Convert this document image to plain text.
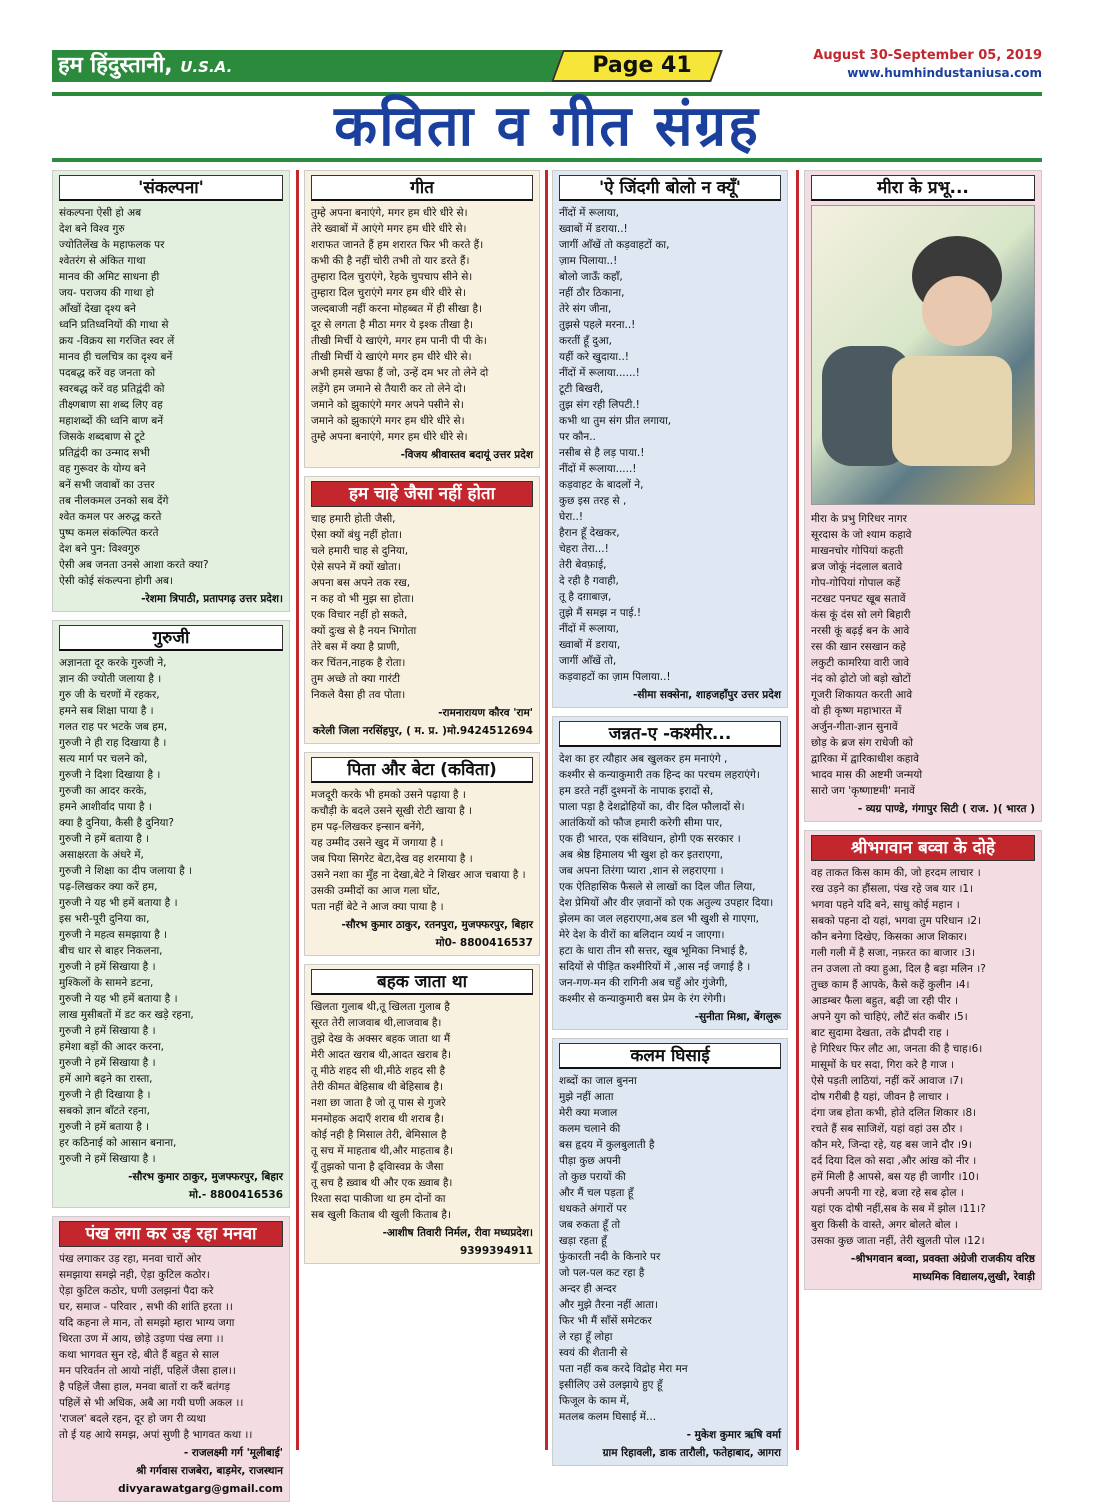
हम हिंदुस्तानी, U.S.A.	Page 41	August 30-September 05, 2019
www.humhindustaniusa.com
कविता व गीत संग्रह
'संकल्पना'
संकल्पना ऐसी हो अब
देश बने विश्व गुरु
ज्योतिलेंख के महाफलक पर
श्वेतरंग से अंकित गाथा
मानव की अमिट साधना ही
जय- पराजय की गाथा हो
आँखों देखा दृश्य बने
ध्वनि प्रतिध्वनियों की गाथा से
क्रय -विक्रय सा गरजित स्वर लें
मानव ही चलचित्र का दृश्य बनें
पदबद्ध करें वह जनता को
स्वरबद्ध करें वह प्रतिद्वंदी को
तीक्ष्णबाण सा शब्द लिए वह
महाशब्दों की ध्वनि बाण बनें
जिसके शब्दबाण से टूटे
प्रतिद्वंदी का उन्माद सभी
वह गुरूवर के योग्य बने
बनें सभी जवाबों का उत्तर
तब नीलकमल उनको सब देंगे
श्वेत कमल पर अरुद्ध करते
पुष्प कमल संकल्पित करते
देश बने पुन: विश्वगुरु
ऐसी अब जनता उनसे आशा करते क्या?
ऐसी कोई संकल्पना होगी अब।
-रेशमा त्रिपाठी, प्रतापगढ़ उत्तर प्रदेश।
गुरुजी
अज्ञानता दूर करके गुरुजी ने,
ज्ञान की ज्योती जलाया है ।
गुरु जी के चरणों में रहकर,
हमने सब शिक्षा पाया है ।
गलत राह पर भटके जब हम,
गुरुजी ने ही राह दिखाया है ।
सत्य मार्ग पर चलने को,
गुरुजी ने दिशा दिखाया है ।
गुरुजी का आदर करके,
हमने आशीर्वाद पाया है ।
क्या है दुनिया, कैसी है दुनिया?
गुरुजी ने हमें बताया है ।
असाक्षरता के अंधरे में,
गुरुजी ने शिक्षा का दीप जलाया है ।
पढ़-लिखकर क्या करें हम,
गुरुजी ने यह भी हमें बताया है ।
इस भरी-पूरी दुनिया का,
गुरुजी ने महत्व समझाया है ।
बीच धार से बाहर निकलना,
गुरुजी ने हमें सिखाया है ।
मुश्किलों के सामने डटना,
गुरुजी ने यह भी हमें बताया है ।
लाख मुसीबतों में डट कर खड़े रहना,
गुरुजी ने हमें सिखाया है ।
हमेशा बड़ों की आदर करना,
गुरुजी ने हमें सिखाया है ।
हमें आगे बढ़ने का रास्ता,
गुरुजी ने ही दिखाया है ।
सबको ज्ञान बाँटते रहना,
गुरुजी ने हमें बताया है ।
हर कठिनाई को आसान बनाना,
गुरुजी ने हमें सिखाया है ।
-सौरभ कुमार ठाकुर, मुजफ्फरपुर, बिहार
मो.- 8800416536
पंख लगा कर उड़ रहा मनवा
पंख लगाकर उड़ रहा, मनवा चारों ओर
समझाया समझे नही, ऐड़ा कुटिल कठोर।
ऐड़ा कुटिल कठोर, घणी उलझनां पैदा करे
घर, समाज - परिवार , सभी की शांति हरता ।।
यदि कहना ले मान, तो समझो म्हारा भाग्य जगा
थिरता उण में आय, छोड़े उड़णा पंख लगा ।।
कथा भागवत सुन रहे, बीते हैं बहुत से साल
मन परिवर्तन तो आयो नांहीं, पहिलें जैसा हाल।।
है पहिलें जैसा हाल, मनवा बातों रा करैं बतंगड़
पहिलें से भी अधिक, अबै आ गयी घणी अकल ।।
'राजल' बदले रहन, दूर हो जग री व्यथा
तो ई यह आये समझ, अपां सुणी है भागवत कथा ।।
- राजलक्ष्मी गर्ग 'मूलीबाई'
श्री गर्गवास राजबेरा, बाड़मेर, राजस्थान
divyarawatgarg@gmail.com
गीत
तुम्हे अपना बनाएंगे, मगर हम धीरे धीरे से।
तेरे ख्वाबों में आएंगे मगर हम धीरे धीरे से।
शराफत जानते हैं हम शरारत फिर भी करते हैं।
कभी की है नहीं चोरी तभी तो यार डरते हैं।
तुम्हारा दिल चुराएंगे, रेहके चुपचाप सीने से।
तुम्हारा दिल चुराएंगे मगर हम धीरे धीरे से।
जल्दबाजी नहीं करना मोहब्बत में ही सीखा है।
दूर से लगता है मीठा मगर ये इश्क तीखा है।
तीखी मिर्ची ये खाएंगे, मगर हम पानी पी पी के।
तीखी मिर्ची ये खाएंगे मगर हम धीरे धीरे से।
अभी हमसे खफा हैं जो, उन्हें दम भर तो लेने दो
लड़ेंगे हम जमाने से तैयारी कर तो लेने दो।
जमाने को झुकाएंगे मगर अपने पसीने से।
जमाने को झुकाएंगे मगर हम धीरे धीरे से।
तुम्हे अपना बनाएंगे, मगर हम धीरे धीरे से।
-विजय श्रीवास्तव बदायूं उत्तर प्रदेश
हम चाहे जैसा नहीं होता
चाह हमारी होती जैसी,
ऐसा क्यों बंधु नहीं होता।
चले हमारी चाह से दुनिया,
ऐसे सपने में क्यों खोता।
अपना बस अपने तक रख,
न कह वो भी मुझ सा होता।
एक विचार नहीं हो सकते,
क्यों दुःख से है नयन भिगोता
तेरे बस में क्या है प्राणी,
कर चिंतन,नाहक है रोता।
तुम अच्छे तो क्या गारंटी
निकले वैसा ही तव पोता।
-रामनारायण कौरव 'राम'
करेली जिला नरसिंहपुर, ( म. प्र. )मो.9424512694
पिता और बेटा (कविता)
मजदूरी करके भी हमको उसने पढ़ाया है ।
कचौड़ी के बदले उसने सूखी रोटी खाया है ।
हम पढ़-लिखकर इन्सान बनेंगे,
यह उम्मीद उसने खुद में जगाया है ।
जब पिया सिगरेट बेटा,देख वह शरमाया है ।
उसने नशा का मुँह ना देखा,बेटे ने शिखर आज चबाया है ।
उसकी उम्मीदों का आज गला घोंट,
पता नहीं बेटे ने आज क्या पाया है ।
-सौरभ कुमार ठाकुर, रतनपुरा, मुजफ्फरपुर, बिहार
मो0- 8800416537
बहक जाता था
खिलता गुलाब थी,तू खिलता गुलाब है
सूरत तेरी लाजवाब थी,लाजवाब है।
तुझे देख के अक्सर बहक जाता था मैं
मेरी आदत खराब थी,आदत खराब है।
तू मीठे शहद सी थी,मीठे शहद सी है
तेरी कीमत बेहिसाब थी बेहिसाब है।
नशा छा जाता है जो तू पास से गुजरे
मनमोहक अदाएँ शराब थी शराब है।
कोई नही है मिसाल तेरी, बेमिसाल है
तू सच में माहताब थी,और माहताब है।
यूँ तुझको पाना है ढ्विास्वप्न के जैसा
तू सच है ख़्वाब थी और एक ख़्वाब है।
रिश्ता सदा पाकीजा था हम दोनों का
सब खुली किताब थी खुली किताब है।
-आशीष तिवारी निर्मल, रीवा मध्यप्रदेश।
9399394911
'ऐ जिंदगी बोलो न क्यूँ'
नींदों में रूलाया,
ख्वाबों में डराया..!
जागीं आँखें तो कड़वाहटों का,
ज़ाम पिलाया..!
बोलो जाऊँ कहाँ,
नहीं ठौर ठिकाना,
तेरे संग जीना,
तुझसे पहले मरना..!
करतीं हूँ दुआ,
यहीं करे खुदाया..!
नींदों में रूलाया......!
टूटी बिखरी,
तुझ संग रही लिपटी.!
कभी था तुम संग प्रीत लगाया,
पर कौन..
नसीब से है लड़ पाया.!
नींदों में रूलाया.....!
कड़वाहट के बादलों ने,
कुछ इस तरह से ,
घेरा..!
हैरान हूँ देखकर,
चेहरा तेरा...!
तेरी बेवफ़ाई,
दे रही है गवाही,
तू है दग़ाबाज़,
तुझे मैं समझ न पाई.!
नींदों में रूलाया,
ख्वाबों में डराया,
जागीं आँखें तो,
कड़वाहटों का ज़ाम पिलाया..!
-सीमा सक्सेना, शाहजहाँपुर उत्तर प्रदेश
जन्नत-ए -कश्मीर...
देश का हर त्यौहार अब खुलकर हम मनाएंगे ,
कश्मीर से कन्याकुमारी तक हिन्द का परचम लहराएंगे।
हम डरते नहीं दुश्मनों के नापाक इरादों से,
पाला पड़ा है देशद्रोहियों का, वीर दिल फौलादों से।
आतंकियों को फौज हमारी करेगी सीमा पार,
एक ही भारत, एक संविधान, होगी एक सरकार ।
अब श्रेष्ठ हिमालय भी खुश हो कर इतराएगा,
जब अपना तिरंगा प्यारा ,शान से लहराएगा ।
एक ऐतिहासिक फैसले से लाखों का दिल जीत लिया,
देश प्रेमियों और वीर ज़वानों को एक अतुल्य उपहार दिया।
झेलम का जल लहराएगा,अब डल भी खुशी से गाएगा,
मेरे देश के वीरों का बलिदान व्यर्थ न जाएगा।
हटा के धारा तीन सौ सत्तर, खूब भूमिका निभाई है,
सदियों से पीड़ित कश्मीरियों में ,आस नई जगाई है ।
जन-गण-मन की रागिनी अब चहुँ ओर गुंजेगी,
कश्मीर से कन्याकुमारी बस प्रेम के रंग रंगेगी।
-सुनीता मिश्रा, बेंगलुरू
कलम घिसाई
शब्दों का जाल बुनना
मुझे नहीं आता
मेरी क्या मजाल
कलम चलाने की
बस हृदय में कुलबुलाती है
पीड़ा कुछ अपनी
तो कुछ परायों की
और मैं चल पड़ता हूँ
धधकते अंगारों पर
जब रुकता हूँ तो
खड़ा रहता हूँ
फुंकारती नदी के किनारे पर
जो पल-पल कट रहा है
अन्दर ही अन्दर
और मुझे तैरना नहीं आता।
फिर भी मैं साँसें समेटकर
ले रहा हूँ लोहा
स्वयं की शैतानी से
पता नहीं कब करदे विद्रोह मेरा मन
इसीलिए उसे उलझाये हुए हूँ
फिजूल के काम में,
मतलब कलम घिसाई में...
- मुकेश कुमार ऋषि वर्मा
ग्राम रिहावली, डाक तारौली, फतेहाबाद, आगरा
मीरा के प्रभू...
मीरा के प्रभु गिरिधर नागर
सूरदास के जो श्याम कहावे
माखनचोर गोपियां कहती
ब्रज जोकूं नंदलाल बतावे
गोप-गोपियां गोपाल कहें
नटखट पनघट खूब सतावें
कंस कूं दंस सो लगे बिहारी
नरसी कूं बढ़ई बन के आवे
रस की खान रसखान कहे
लकुटी कामरिया वारी जावे
नंद को ढ़ोटो जो बड़ो खोटों
गूजरी शिकायत करती आवे
वो ही कृष्ण महाभारत में
अर्जुन-गीता-ज्ञान सुनावें
छोड़ के ब्रज संग राधेजी को
द्वारिका में द्वारिकाधीश कहावे
भादव मास की अष्टमी जन्मयो
सारो जग 'कृष्णाष्टमी' मनावें
- व्यग्र पाण्डे, गंगापुर सिटी ( राज. )( भारत )
श्रीभगवान बव्वा के दोहे
वह ताकत किस काम की, जो हरदम लाचार ।
रख उड़ने का हौंसला, पंख रहे जब यार ।1।
भगवा पहने यदि बने, साधु कोई महान ।
सबको पहना दो यहां, भगवा तुम परिधान ।2।
कौन बनेगा दिखेए, किसका आज शिकार।
गली गली में है सजा, नफ़रत का बाजार ।3।
तन उजला तो क्या हुआ, दिल है बड़ा मलिन ।?
तुच्छ काम हैं आपके, कैसे कहें कुलीन ।4।
आडम्बर फैला बहुत, बढ़ी जा रही पीर ।
अपने युग को चाहिएं, लौटें संत कबीर ।5।
बाट सुदामा देखता, तके द्रौपदी राह ।
हे गिरिधर फिर लौट आ, जनता की है चाह।6।
मासूमों के घर सदा, गिरा करे है गाज ।
ऐसे पड़ती लाठियां, नहीं करें आवाज ।7।
दोष गरीबी है यहां, जीवन है लाचार ।
दंगा जब होता कभी, होते दलित शिकार ।8।
रचते हैं सब साजिशें, यहां वहां उस ठौर ।
कौन मरे, जिन्दा रहे, यह बस जाने दौर ।9।
दर्द दिया दिल को सदा ,और आंख को नीर ।
हमें मिली है आपसे, बस यह ही जागीर ।10।
अपनी अपनी गा रहे, बजा रहे सब ढ़ोल ।
यहां एक दोषी नहीं,सब के सब में झोल ।11।?
बुरा किसी के वास्ते, अगर बोलते बोल ।
उसका कुछ जाता नहीं, तेरी खुलती पोल ।12।
-श्रीभगवान बव्वा, प्रवक्ता अंग्रेजी राजकीय वरिष्ठ
माध्यमिक विद्यालय,लुखी, रेवाड़ी
